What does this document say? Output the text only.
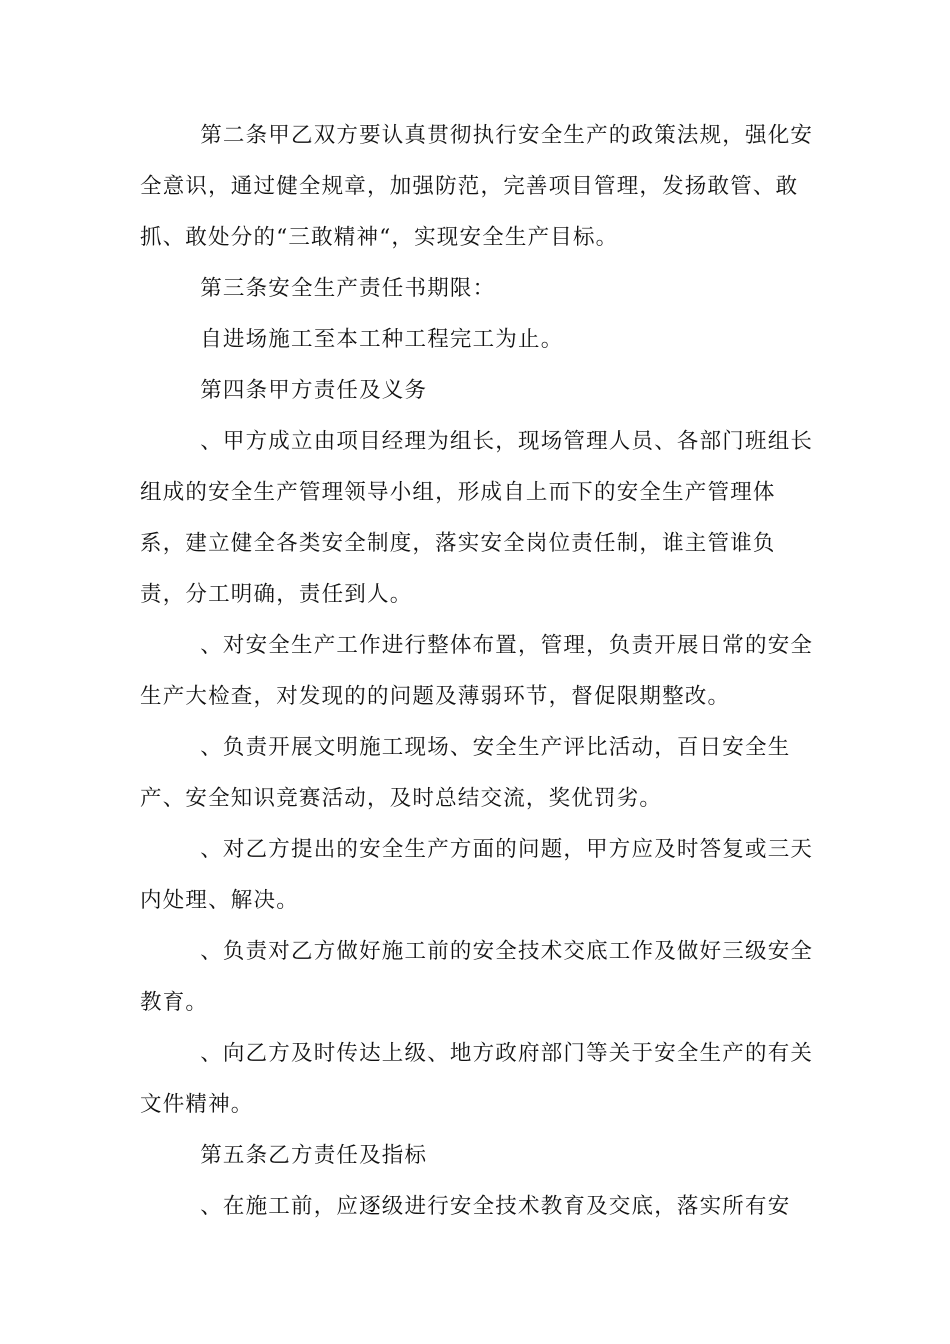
第二条甲乙双方要认真贯彻执行安全生产的政策法规，强化安全意识，通过健全规章，加强防范，完善项目管理，发扬敢管、敢抓、敢处分的“三敢精神“，实现安全生产目标。

第三条安全生产责任书期限：

自进场施工至本工种工程完工为止。

第四条甲方责任及义务

、甲方成立由项目经理为组长，现场管理人员、各部门班组长组成的安全生产管理领导小组，形成自上而下的安全生产管理体系，建立健全各类安全制度，落实安全岗位责任制，谁主管谁负责，分工明确，责任到人。

、对安全生产工作进行整体布置，管理，负责开展日常的安全生产大检查，对发现的的问题及薄弱环节，督促限期整改。

、负责开展文明施工现场、安全生产评比活动，百日安全生产、安全知识竞赛活动，及时总结交流，奖优罚劣。

、对乙方提出的安全生产方面的问题，甲方应及时答复或三天内处理、解决。

、负责对乙方做好施工前的安全技术交底工作及做好三级安全教育。

、向乙方及时传达上级、地方政府部门等关于安全生产的有关文件精神。

第五条乙方责任及指标

、在施工前，应逐级进行安全技术教育及交底，落实所有安
